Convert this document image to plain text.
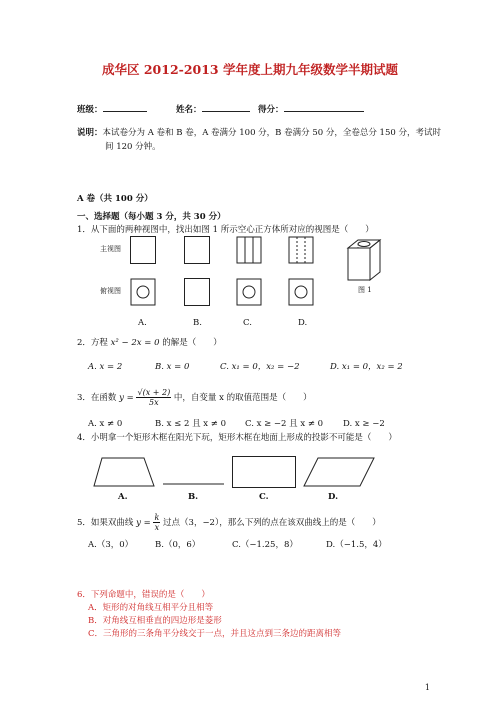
成华区 2012-2013 学年度上期九年级数学半期试题
班级：	姓名：	得分：
说明：本试卷分为 A 卷和 B 卷，A 卷满分 100 分，B 卷满分 50 分，全卷总分 150 分，考试时
间 120 分钟。
A 卷（共 100 分）
一、选择题（每小题 3 分，共 30 分）
1．从下面的两种视图中，找出如图 1 所示空心正方体所对应的视图是（　　）
主视图
俯视图	图 1
A.	B.	C.	D.
2．方程 x² − 2x = 0 的解是（　　）
A. x = 2	B. x = 0	C. x₁ = 0，x₂ = −2	D. x₁ = 0，x₂ = 2
3．在函数 $y = \frac{√(x + 2)}{5x}$ 中，自变量 x 的取值范围是（　　）
A. x ≠ 0	B. x ≤ 2 且 x ≠ 0 C. x ≥ −2 且 x ≠ 0 D. x ≥ −2
4．小明拿一个矩形木框在阳光下玩，矩形木框在地面上形成的投影不可能是（　　）
A.	B.	C.	D.
5．如果双曲线 $y = \frac{k}{x}$ 过点（3，−2），那么下列的点在该双曲线上的是（　　）
A.（3，0）	B.（0，6）	C.（−1.25，8）	D.（−1.5，4）
6．下列命题中，错误的是（　　）
A．矩形的对角线互相平分且相等
B．对角线互相垂直的四边形是菱形
C．三角形的三条角平分线交于一点，并且这点到三条边的距离相等
1
